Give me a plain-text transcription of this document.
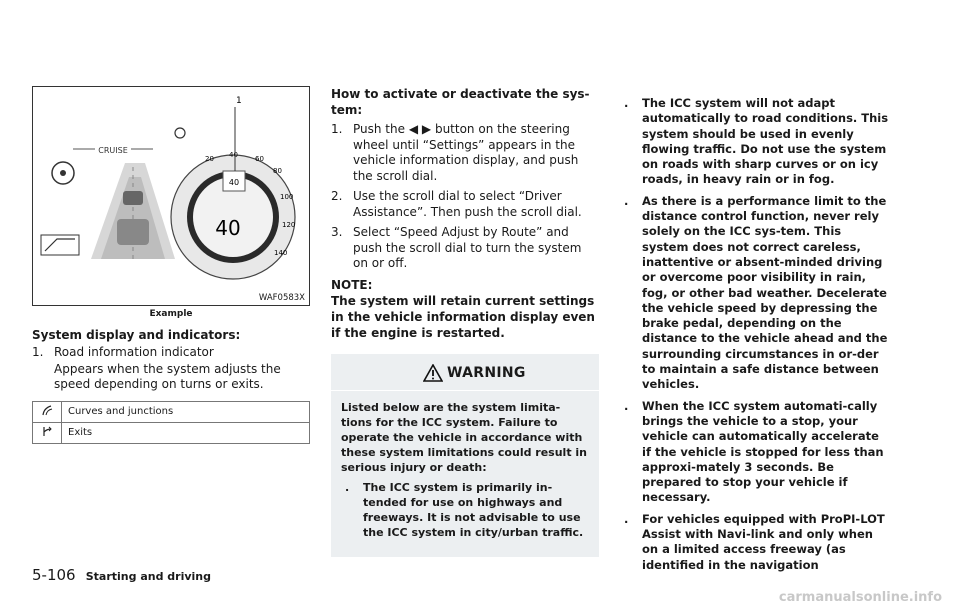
CRUISE
40
40
20 40 60
80
100
120
140
1
WAF0583X
Example

System display and indicators:

1. Road information indicator
Appears when the system adjusts the speed depending on turns or exits.
	Curves and junctions
	Exits

How to activate or deactivate the sys-tem:

1. Push the ◀ ▶ button on the steering wheel until “Settings” appears in the vehicle information display, and push the scroll dial.
2. Use the scroll dial to select “Driver Assistance”. Then push the scroll dial.
3. Select “Speed Adjust by Route” and push the scroll dial to turn the system on or off.

NOTE:

The system will retain current settings in the vehicle information display even if the engine is restarted.

WARNING
Listed below are the system limita-tions for the ICC system. Failure to operate the vehicle in accordance with these system limitations could result in serious injury or death:
. The ICC system is primarily in-tended for use on highways and freeways. It is not advisable to use the ICC system in city/urban traffic.
. The ICC system will not adapt automatically to road conditions. This system should be used in evenly flowing traffic. Do not use the system on roads with sharp curves or on icy roads, in heavy rain or in fog.
. As there is a performance limit to the distance control function, never rely solely on the ICC sys-tem. This system does not correct careless, inattentive or absent-minded driving or overcome poor visibility in rain, fog, or other bad weather. Decelerate the vehicle speed by depressing the brake pedal, depending on the distance to the vehicle ahead and the surrounding circumstances in or-der to maintain a safe distance between vehicles.
. When the ICC system automati-cally brings the vehicle to a stop, your vehicle can automatically accelerate if the vehicle is stopped for less than approxi-mately 3 seconds. Be prepared to stop your vehicle if necessary.
. For vehicles equipped with ProPI-LOT Assist with Navi-link and only when on a limited access freeway (as identified in the navigation
5-106 Starting and driving
carmanualsonline.info
